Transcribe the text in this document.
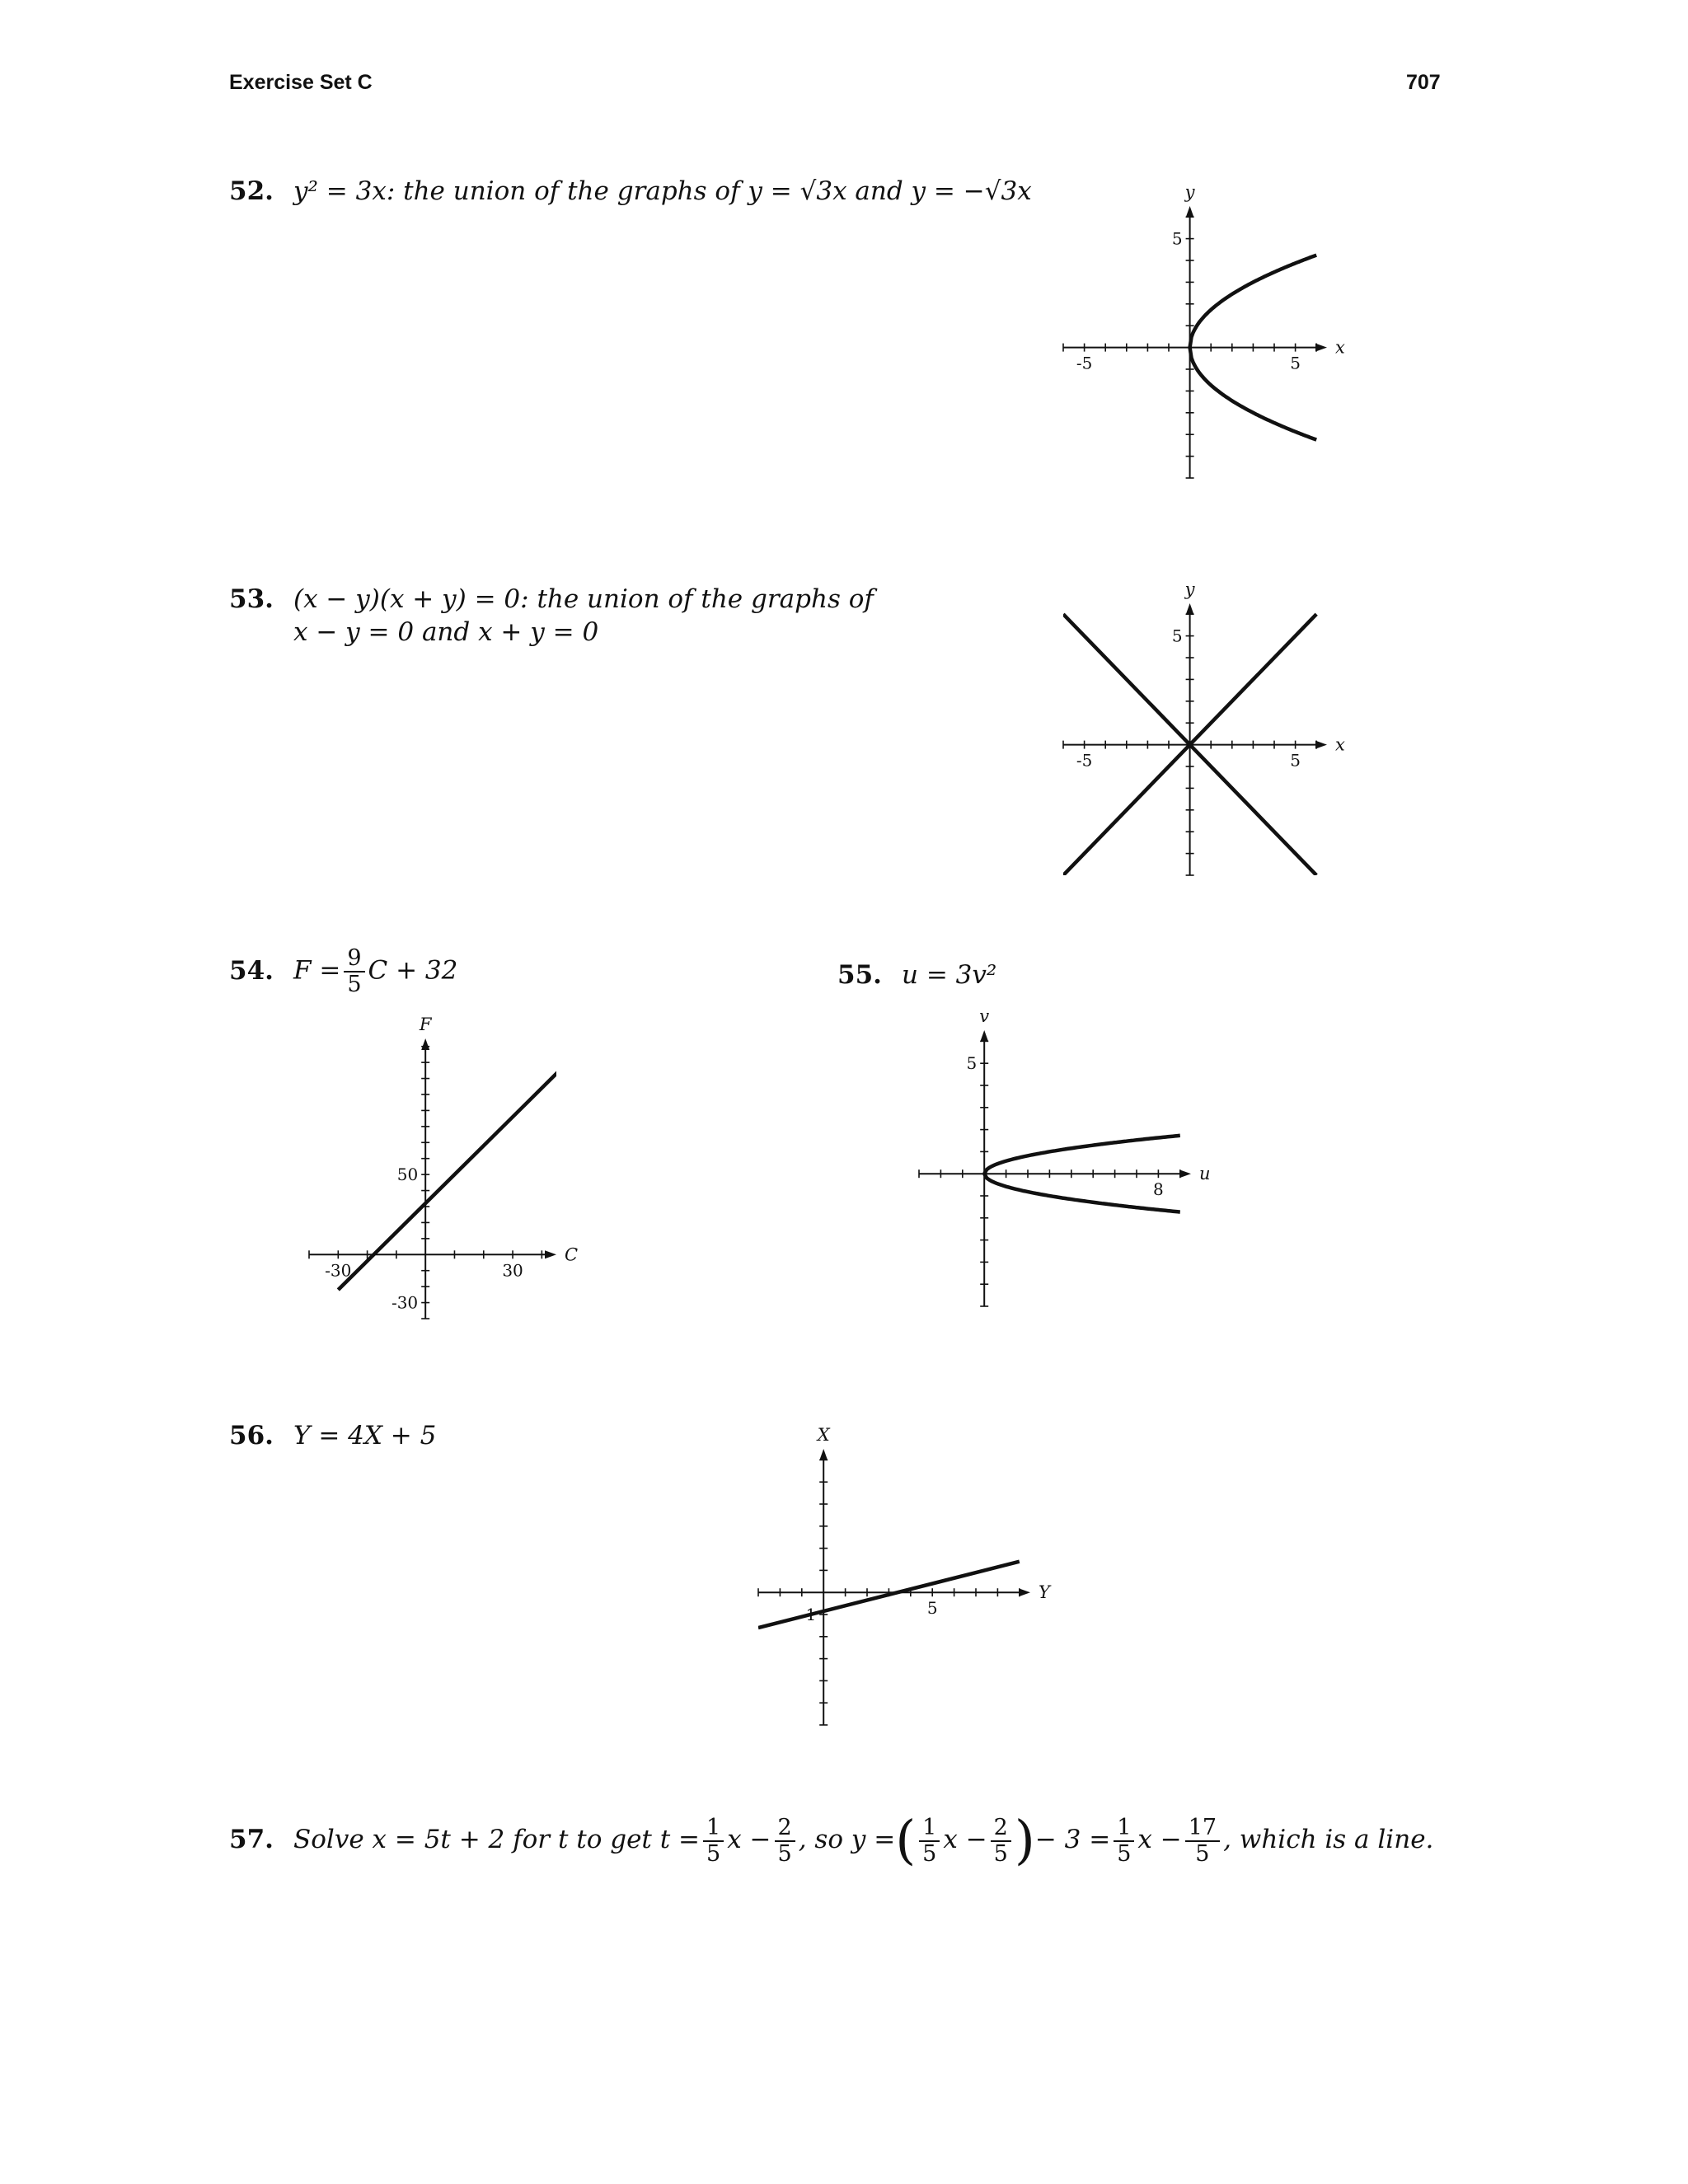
Exercise Set C	707
52. y² = 3x: the union of the graphs of y = √3x and y = −√3x
53. (x − y)(x + y) = 0: the union of the graphs of
x − y = 0 and x + y = 0
54. $F = \frac{9}{5}$ C + 32	55. u = 3v²
56. Y = 4X + 5
57. Solve x = 5t + 2 for t to get $t = \frac{1}{5}$ $x - \frac{2}{5}$ , so y =( $\frac{1}{5}$ $x - \frac{2}{5}$ )− $3 = \frac{1}{5}$ $x - \frac{17}{5}$ , which is a line.
-5	5
5
x
y
-5	5
5
x
y
-30	30
50
-30
C
F
8
5
u
v
5
-1
Y
X
